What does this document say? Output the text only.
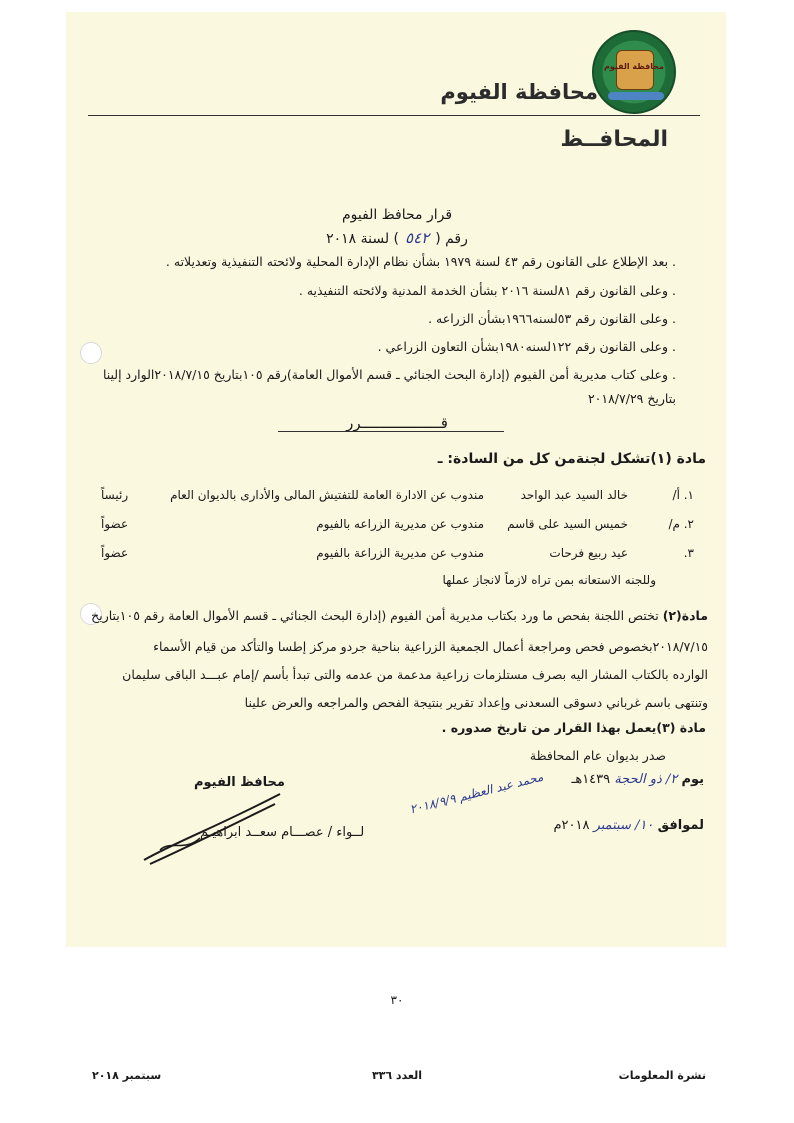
محافظة الفيوم
محافظة الفيوم
المحافــظ
قرار محافظ الفيوم
رقم (٥٤٢) لسنة ٢٠١٨
. بعد الإطلاع على القانون رقم ٤٣ لسنة ١٩٧٩ بشأن نظام الإدارة المحلية ولائحته التنفيذية وتعديلاته .
. وعلى القانون رقم ٨١لسنة ٢٠١٦ بشأن الخدمة المدنية ولائحته التنفيذيه .
. وعلى القانون رقم ٥٣لسنه١٩٦٦بشأن الزراعه .
. وعلى القانون رقم ١٢٢لسنه١٩٨٠بشأن التعاون الزراعي .
. وعلى كتاب مديرية أمن الفيوم (إدارة البحث الجنائي ـ قسم الأموال العامة)رقم ١٠٥بتاريخ ٢٠١٨/٧/١٥الوارد إلينا
بتاريخ ٢٠١٨/٧/٢٩
قــــــــــــــــــرر
مادة (١)تشكل لجنةمن كل من السادة: ـ
١. أ/
خالد السيد عبد الواحد
مندوب عن الادارة العامة للتفتيش المالى والأدارى بالديوان العام
رئيساً
٢. م/
خميس السيد على قاسم
مندوب عن مديرية الزراعه بالفيوم
عضواً
٣.
عيد ربيع فرحات
مندوب عن مديرية الزراعة بالفيوم
عضواً
وللجنه الاستعانه بمن تراه لازماً لانجاز عملها
مادة(٢) تختص اللجنة بفحص ما ورد بكتاب مديرية أمن الفيوم (إدارة البحث الجنائي ـ قسم الأموال العامة رقم ١٠٥بتاريخ
٢٠١٨/٧/١٥بخصوص فحص ومراجعة أعمال الجمعية الزراعية بناحية جردو مركز إطسا والتأكد من قيام الأسماء
الوارده بالكتاب المشار اليه بصرف مستلزمات زراعية مدعمة من عدمه والتى تبدأ بأسم /إمام عبـــد الباقى سليمان
وتنتهى باسم غرباني دسوقى السعدنى وإعداد تقرير بنتيجة الفحص والمراجعه والعرض علينا
مادة (٣)يعمل بهذا القرار من تاريخ صدوره .
صدر بديوان عام المحافظة
يوم ٢/ ذو الحجة ١٤٣٩هـ
لموافق ١٠/ سبتمبر ٢٠١٨م
محافظ الفيوم
لــواء / عصـــام سعــد ابراهيـم
محمد عبد العظيم ٢٠١٨/٩/٩
٣٠
نشرة المعلومات
العدد ٣٣٦
سبتمبر ٢٠١٨
